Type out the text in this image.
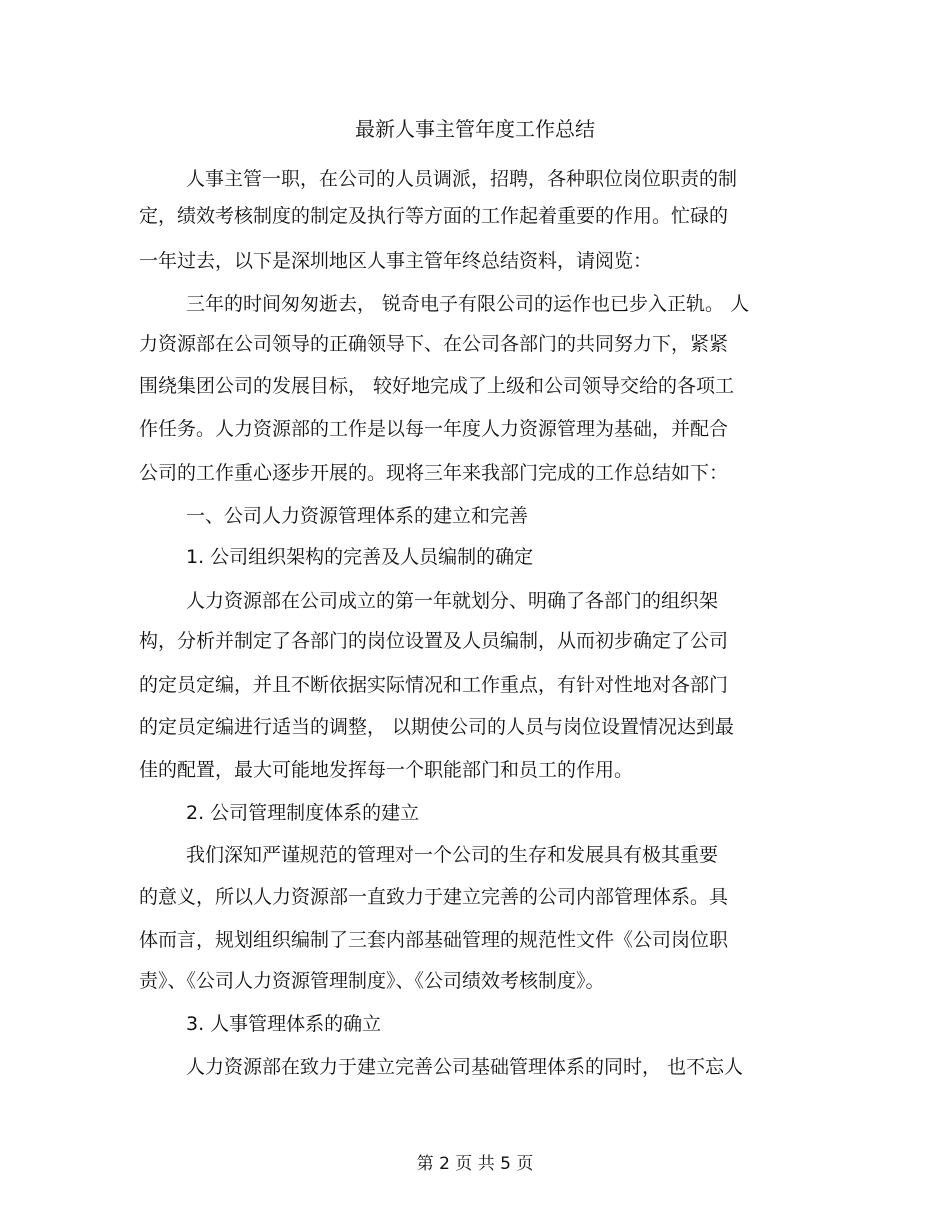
最新人事主管年度工作总结
人事主管一职，在公司的人员调派，招聘，各种职位岗位职责的制
定，绩效考核制度的制定及执行等方面的工作起着重要的作用。忙碌的
一年过去，以下是深圳地区人事主管年终总结资料，请阅览：
三年的时间匆匆逝去， 锐奇电子有限公司的运作也已步入正轨。 人
力资源部在公司领导的正确领导下、在公司各部门的共同努力下，紧紧
围绕集团公司的发展目标， 较好地完成了上级和公司领导交给的各项工
作任务。人力资源部的工作是以每一年度人力资源管理为基础，并配合
公司的工作重心逐步开展的。现将三年来我部门完成的工作总结如下：
一、公司人力资源管理体系的建立和完善
1. 公司组织架构的完善及人员编制的确定
人力资源部在公司成立的第一年就划分、明确了各部门的组织架
构，分析并制定了各部门的岗位设置及人员编制，从而初步确定了公司
的定员定编，并且不断依据实际情况和工作重点，有针对性地对各部门
的定员定编进行适当的调整， 以期使公司的人员与岗位设置情况达到最
佳的配置，最大可能地发挥每一个职能部门和员工的作用。
2. 公司管理制度体系的建立
我们深知严谨规范的管理对一个公司的生存和发展具有极其重要
的意义，所以人力资源部一直致力于建立完善的公司内部管理体系。具
体而言，规划组织编制了三套内部基础管理的规范性文件《公司岗位职
责》、《公司人力资源管理制度》、《公司绩效考核制度》。
3. 人事管理体系的确立
人力资源部在致力于建立完善公司基础管理体系的同时， 也不忘人
第 2 页 共 5 页
